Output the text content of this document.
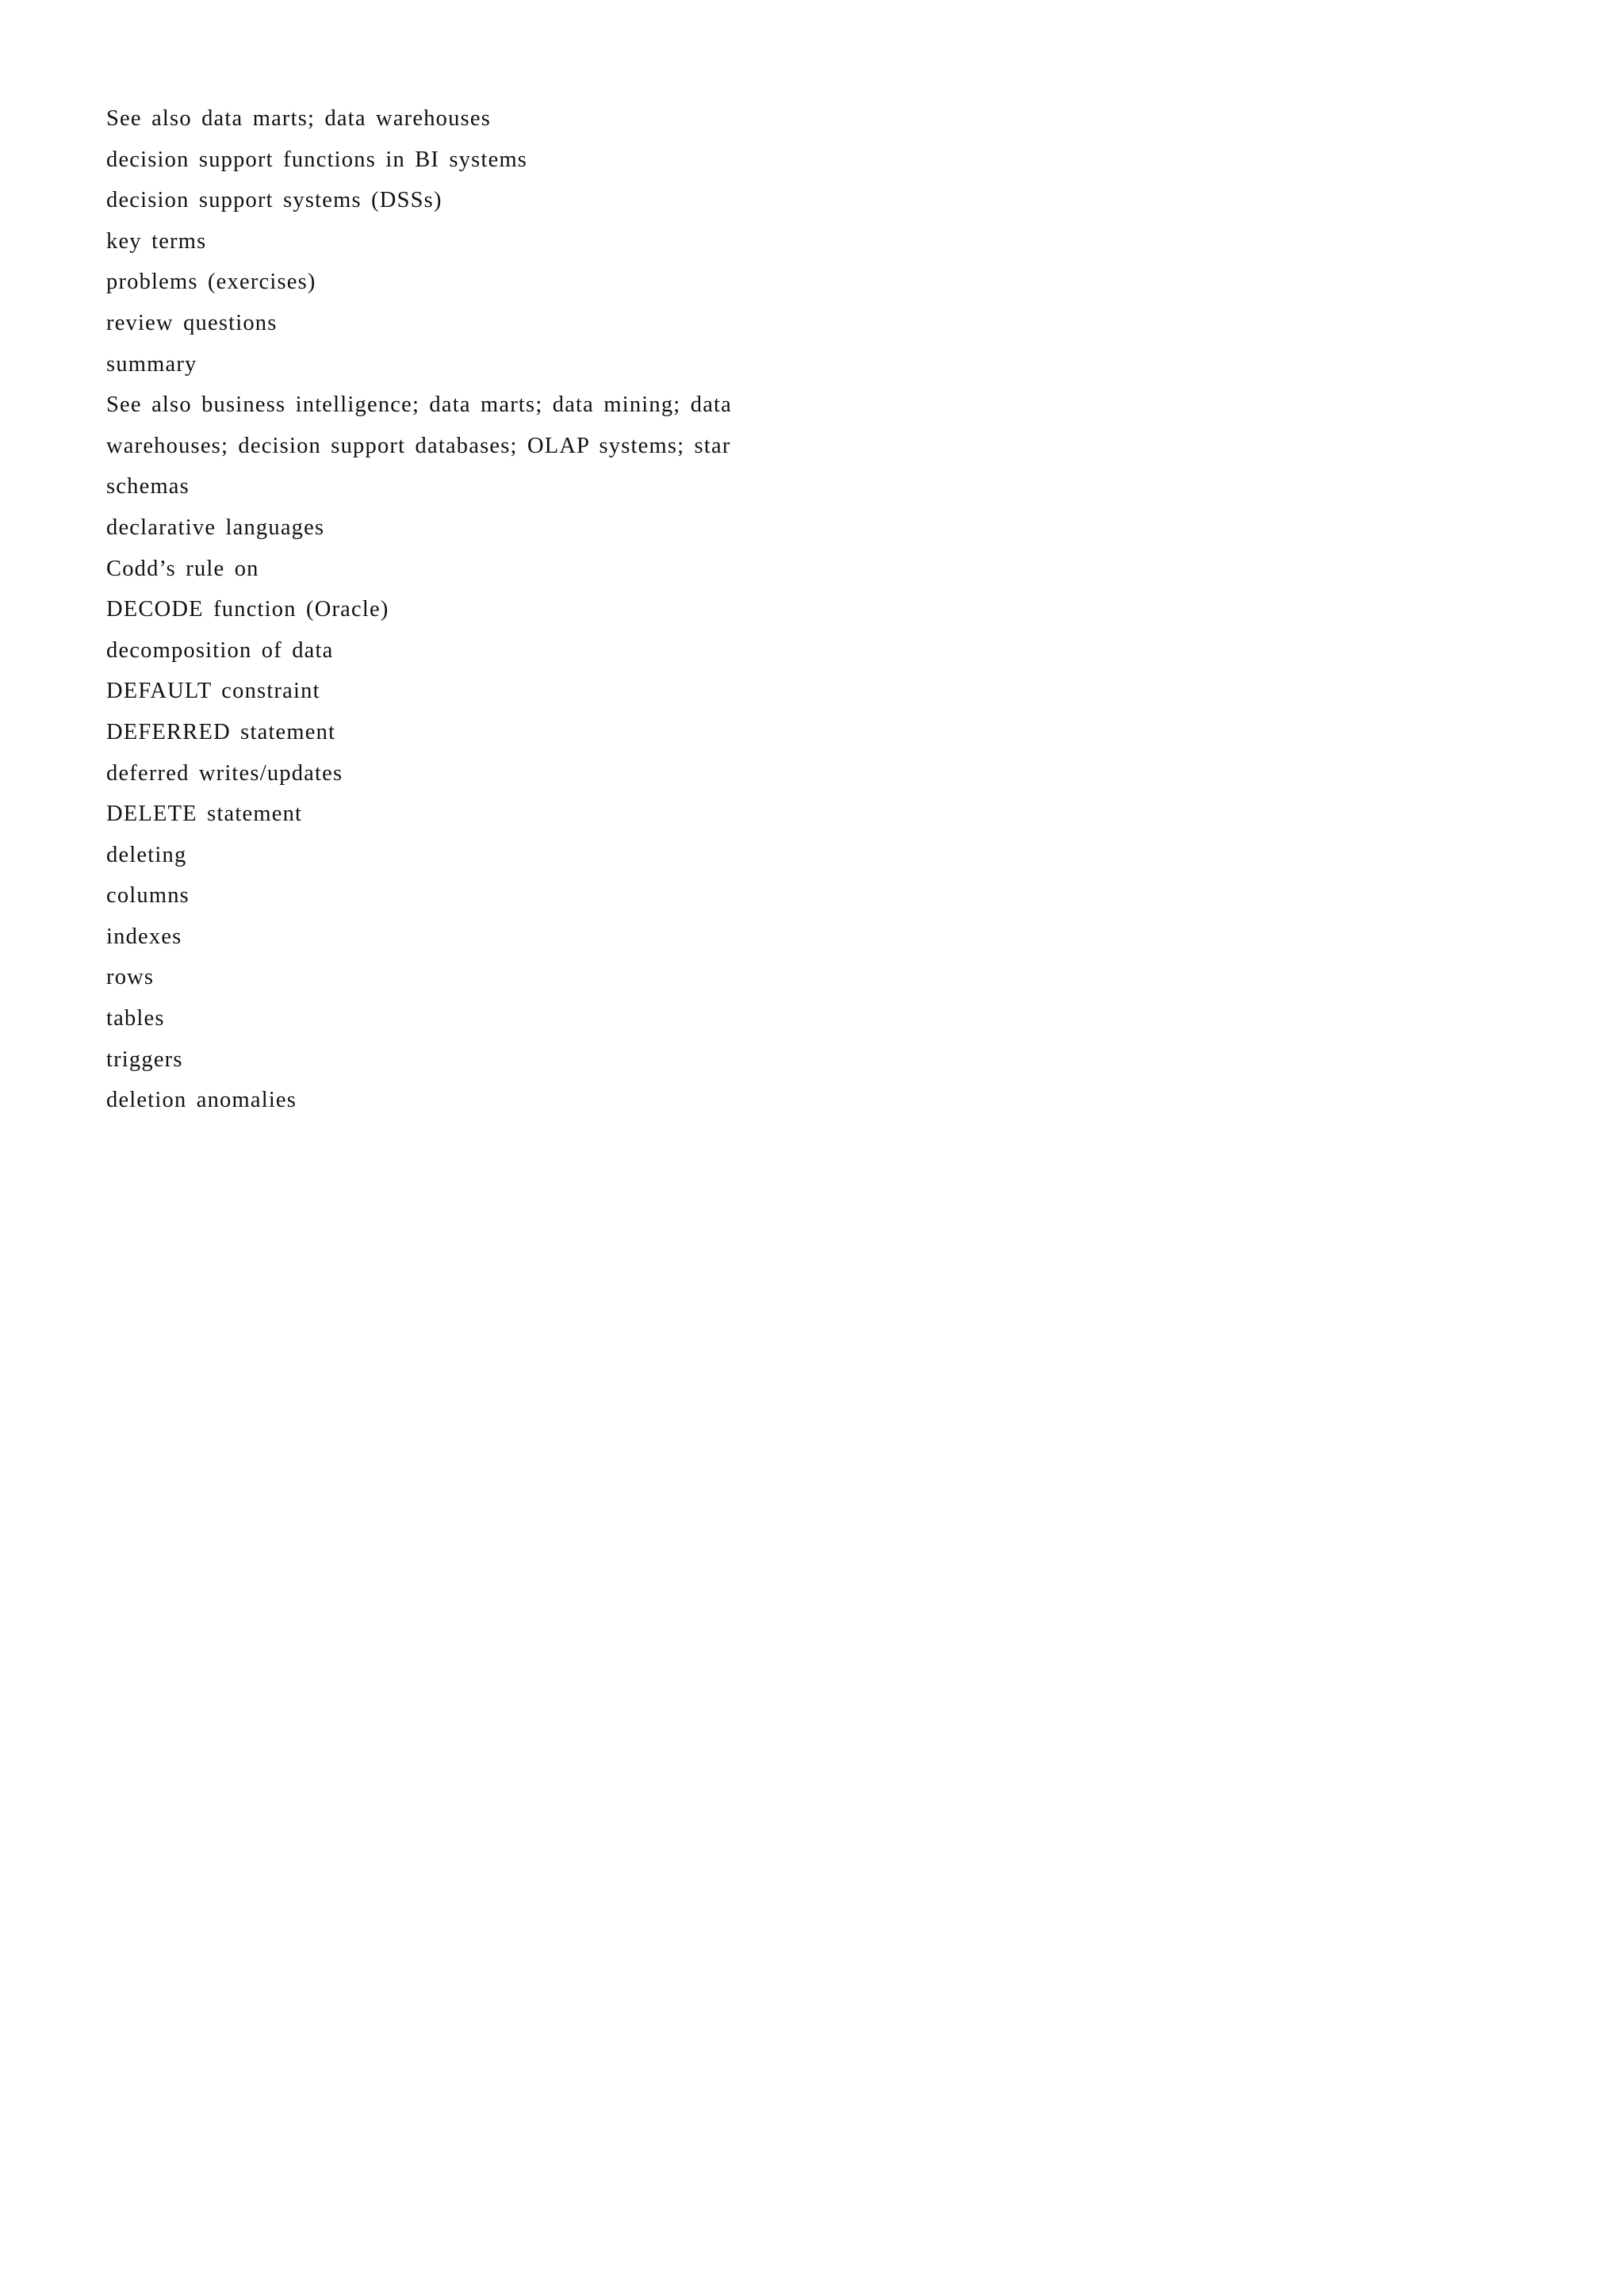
See also data marts; data warehouses
decision support functions in BI systems
decision support systems (DSSs)
key terms
problems (exercises)
review questions
summary
See also business intelligence; data marts; data mining; data
warehouses; decision support databases; OLAP systems; star
schemas
declarative languages
Codd’s rule on
DECODE function (Oracle)
decomposition of data
DEFAULT constraint
DEFERRED statement
deferred writes/updates
DELETE statement
deleting
columns
indexes
rows
tables
triggers
deletion anomalies
